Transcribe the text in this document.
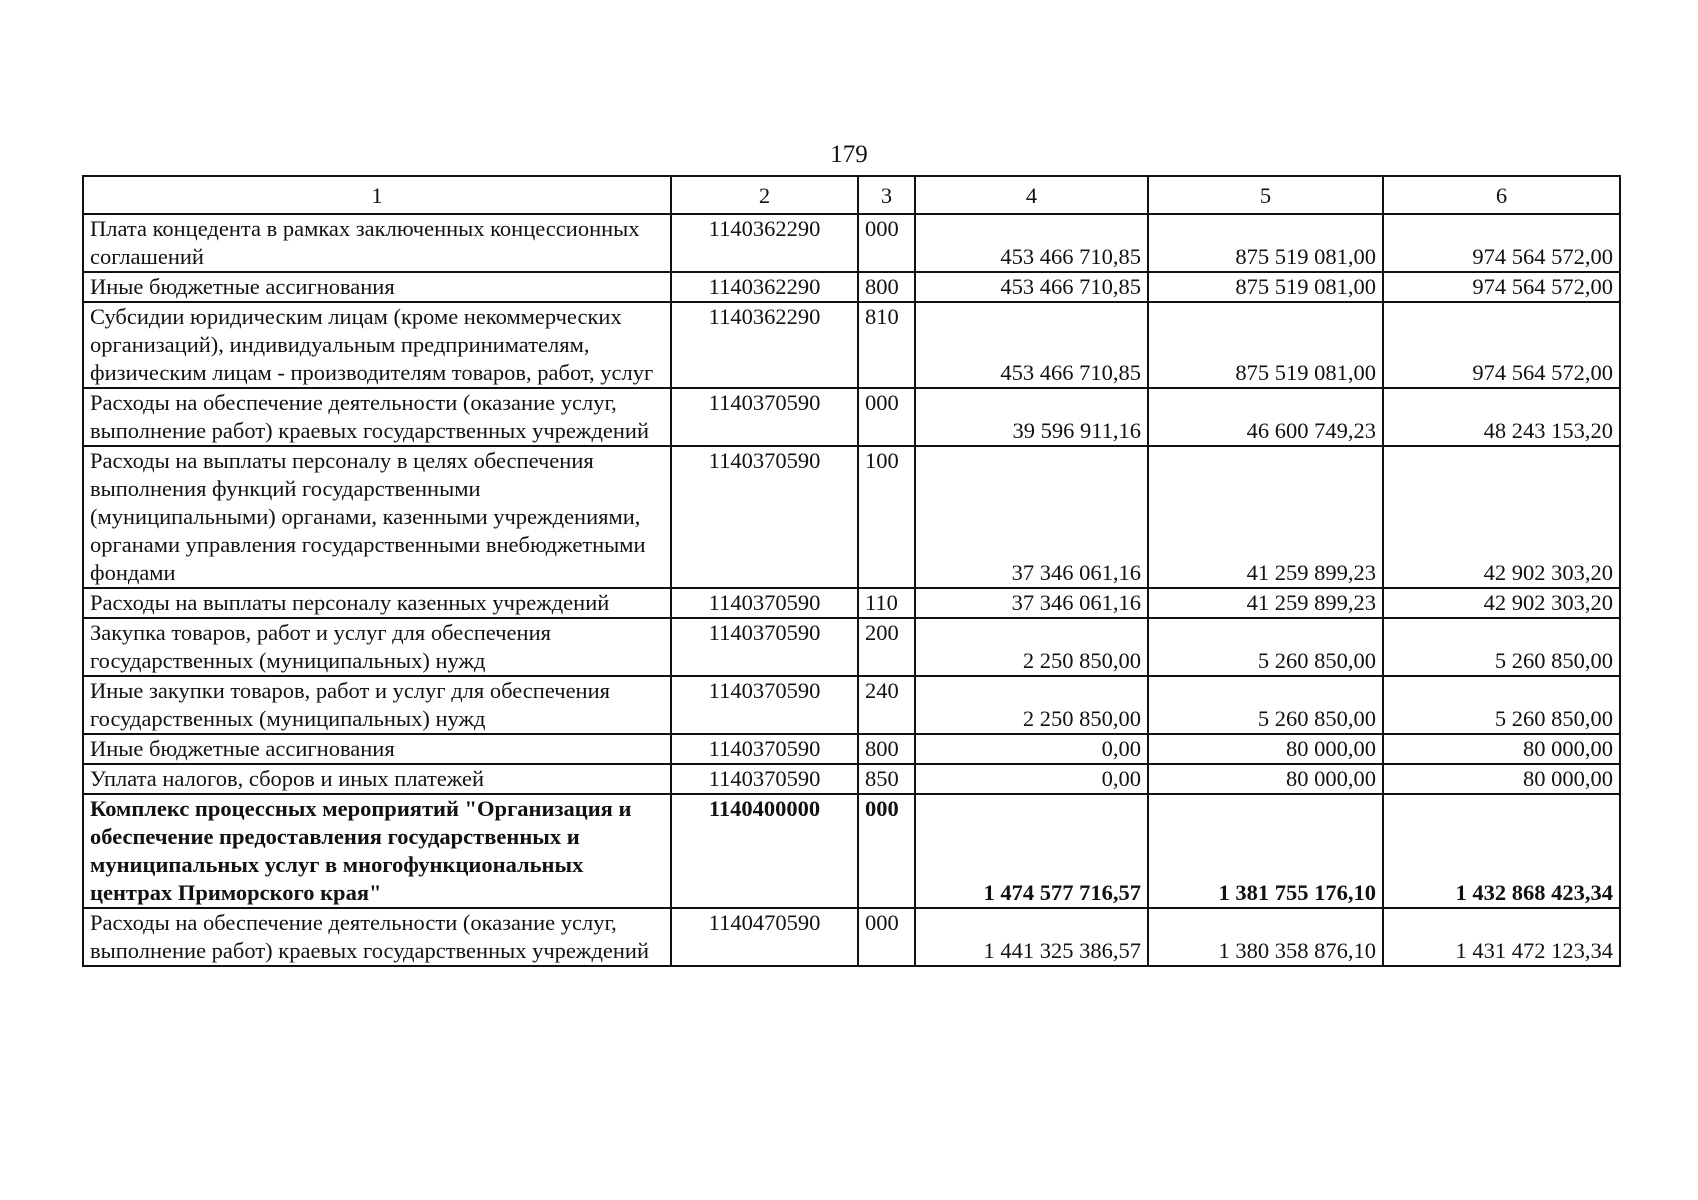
179
1	2	3	4	5	6
Плата концедента в рамках заключенных концессионных соглашений	1140362290	000	453 466 710,85	875 519 081,00	974 564 572,00
Иные бюджетные ассигнования	1140362290	800	453 466 710,85	875 519 081,00	974 564 572,00
Субсидии юридическим лицам (кроме некоммерческих организаций), индивидуальным предпринимателям, физическим лицам - производителям товаров, работ, услуг	1140362290	810	453 466 710,85	875 519 081,00	974 564 572,00
Расходы на обеспечение деятельности (оказание услуг, выполнение работ) краевых государственных учреждений	1140370590	000	39 596 911,16	46 600 749,23	48 243 153,20
Расходы на выплаты персоналу в целях обеспечения выполнения функций государственными (муниципальными) органами, казенными учреждениями, органами управления государственными внебюджетными фондами	1140370590	100	37 346 061,16	41 259 899,23	42 902 303,20
Расходы на выплаты персоналу казенных учреждений	1140370590	110	37 346 061,16	41 259 899,23	42 902 303,20
Закупка товаров, работ и услуг для обеспечения государственных (муниципальных) нужд	1140370590	200	2 250 850,00	5 260 850,00	5 260 850,00
Иные закупки товаров, работ и услуг для обеспечения государственных (муниципальных) нужд	1140370590	240	2 250 850,00	5 260 850,00	5 260 850,00
Иные бюджетные ассигнования	1140370590	800	0,00	80 000,00	80 000,00
Уплата налогов, сборов и иных платежей	1140370590	850	0,00	80 000,00	80 000,00
Комплекс процессных мероприятий "Организация и обеспечение предоставления государственных и муниципальных услуг в многофункциональных центрах Приморского края"	1140400000	000	1 474 577 716,57	1 381 755 176,10	1 432 868 423,34
Расходы на обеспечение деятельности (оказание услуг, выполнение работ) краевых государственных учреждений	1140470590	000	1 441 325 386,57	1 380 358 876,10	1 431 472 123,34
